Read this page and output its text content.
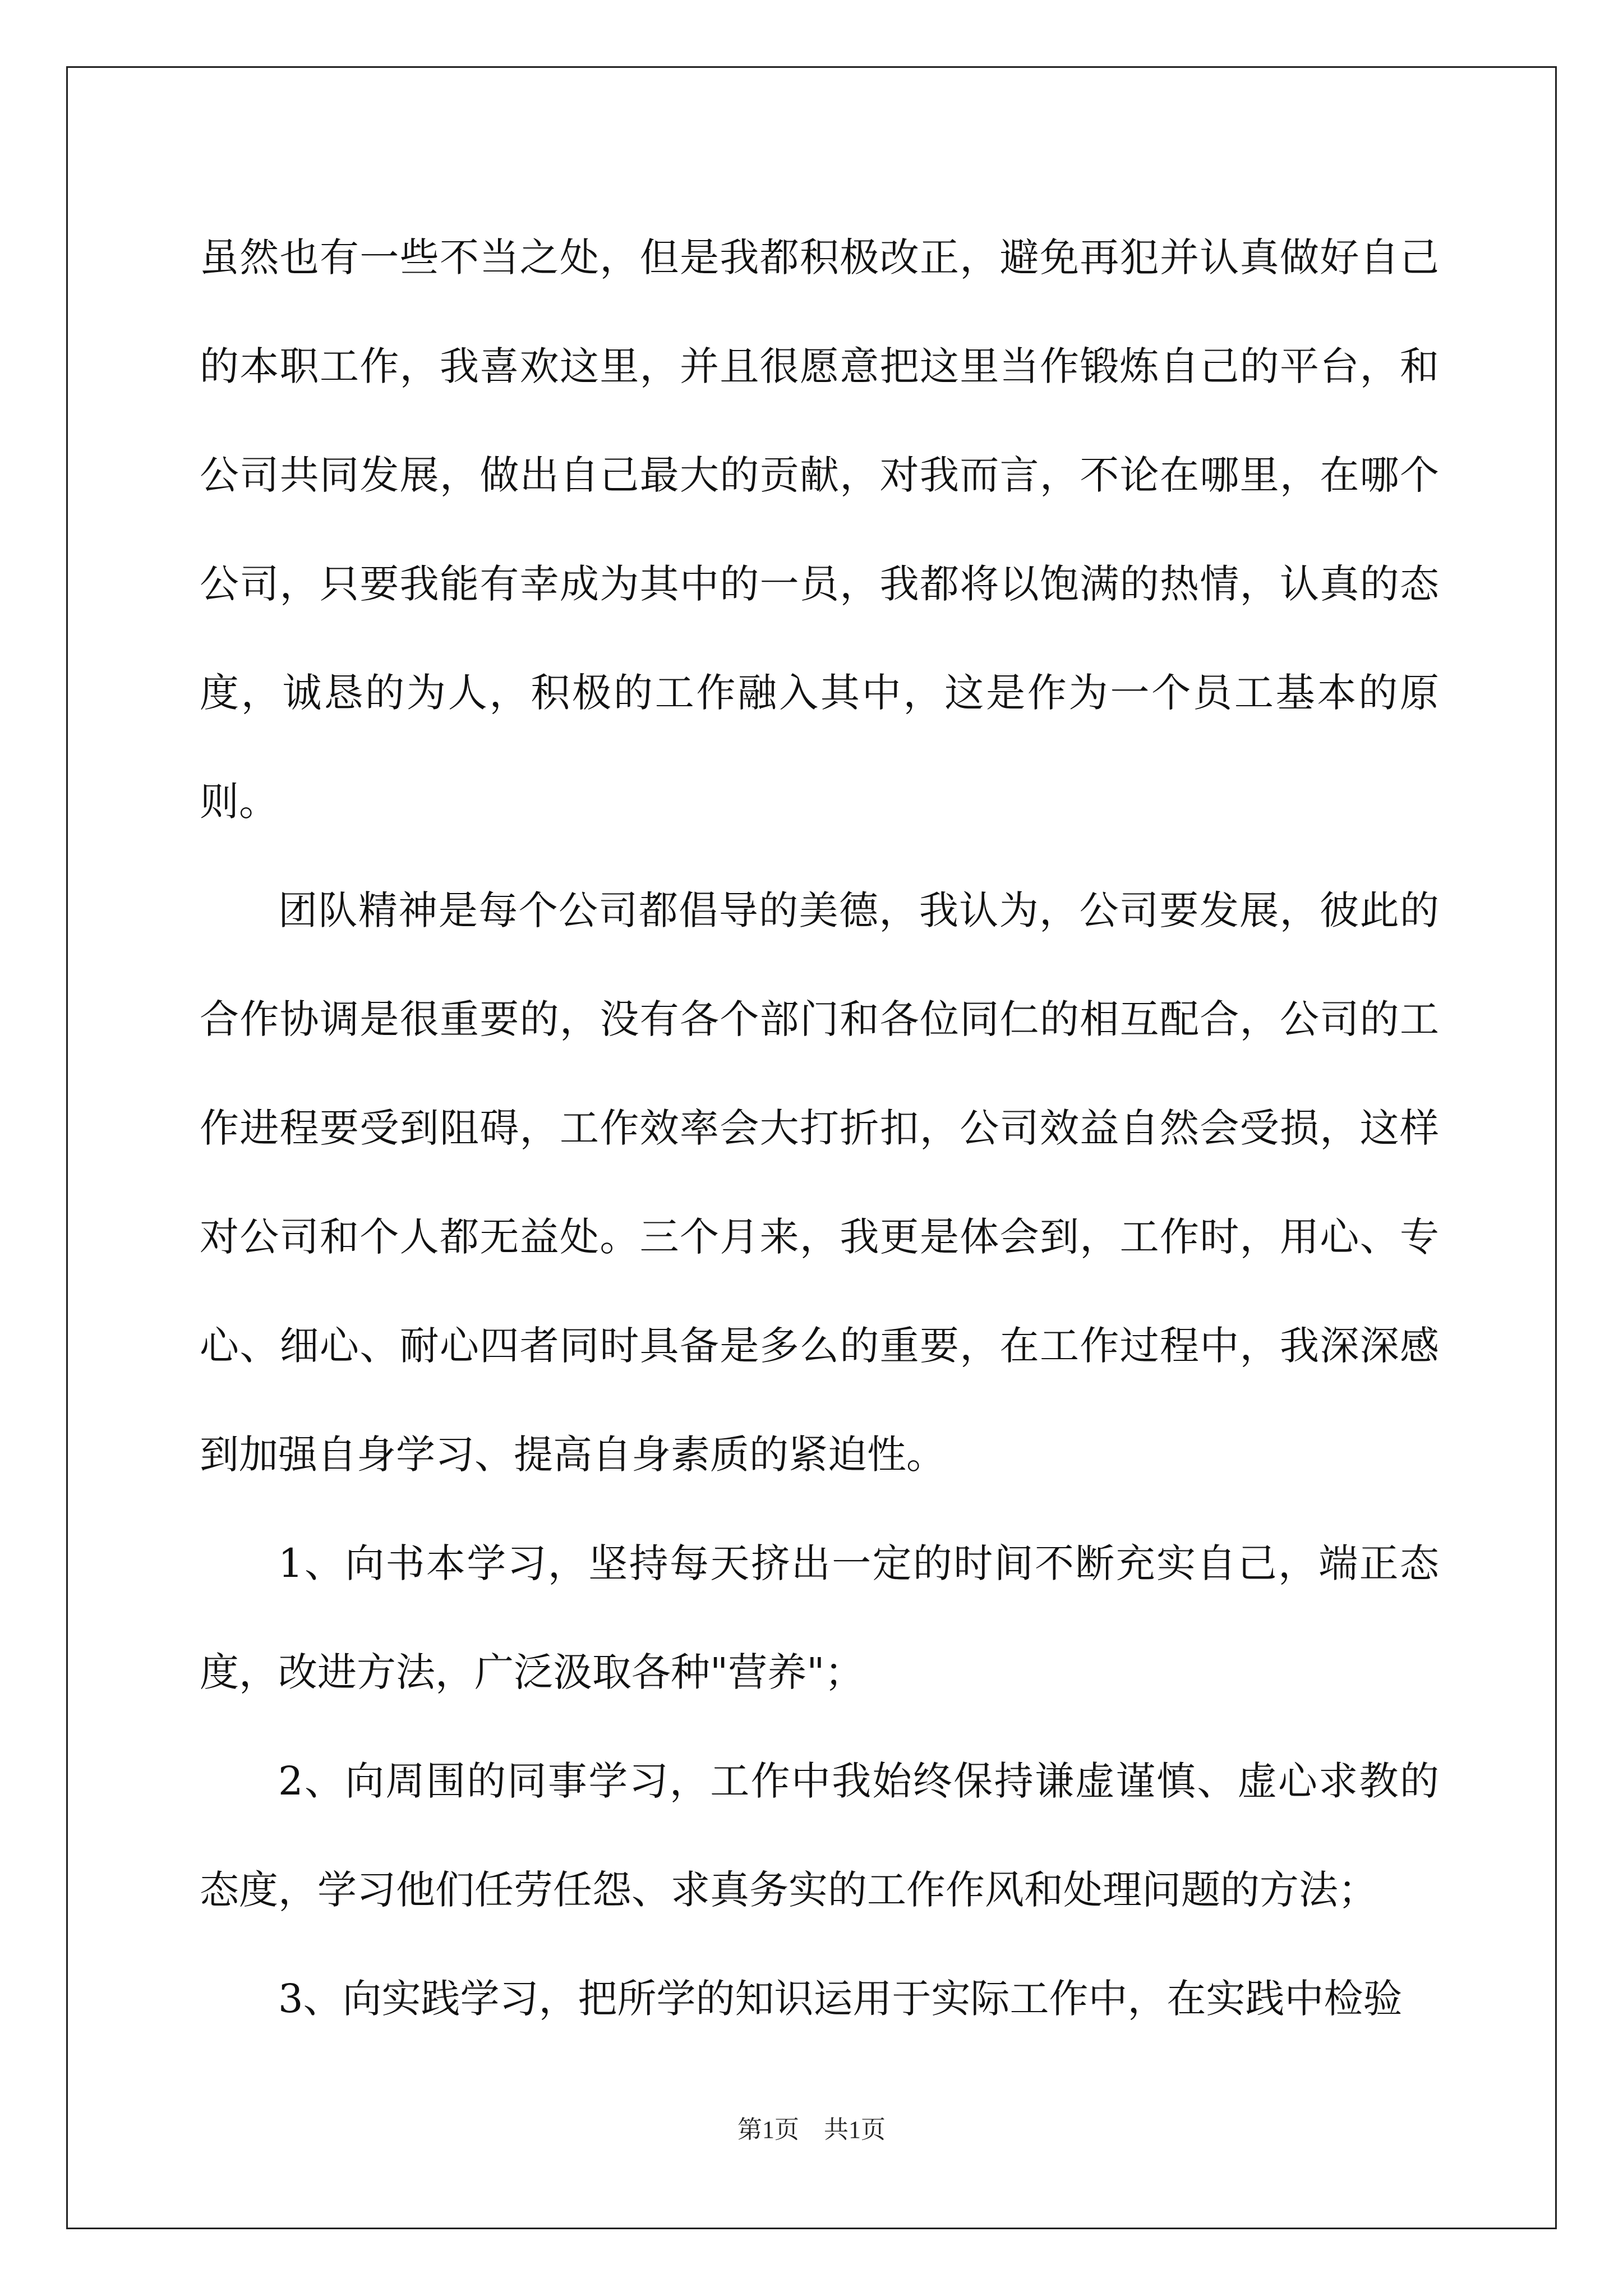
虽然也有一些不当之处，但是我都积极改正，避免再犯并认真做好自己的本职工作，我喜欢这里，并且很愿意把这里当作锻炼自己的平台，和公司共同发展，做出自己最大的贡献，对我而言，不论在哪里，在哪个公司，只要我能有幸成为其中的一员，我都将以饱满的热情，认真的态度，诚恳的为人，积极的工作融入其中，这是作为一个员工基本的原则。

团队精神是每个公司都倡导的美德，我认为，公司要发展，彼此的合作协调是很重要的，没有各个部门和各位同仁的相互配合，公司的工作进程要受到阻碍，工作效率会大打折扣，公司效益自然会受损，这样对公司和个人都无益处。三个月来，我更是体会到，工作时，用心、专心、细心、耐心四者同时具备是多么的重要，在工作过程中，我深深感到加强自身学习、提高自身素质的紧迫性。

1、向书本学习，坚持每天挤出一定的时间不断充实自己，端正态度，改进方法，广泛汲取各种"营养"；

2、向周围的同事学习，工作中我始终保持谦虚谨慎、虚心求教的态度，学习他们任劳任怨、求真务实的工作作风和处理问题的方法；

3、向实践学习，把所学的知识运用于实际工作中，在实践中检验

第1页　共1页
